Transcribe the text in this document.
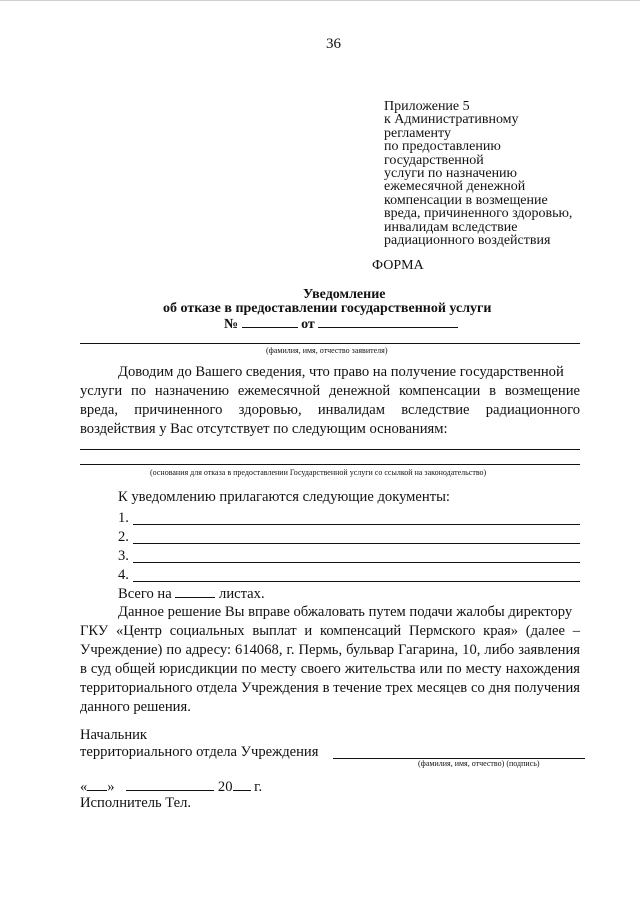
36
Приложение 5
к Административному
регламенту
по предоставлению
государственной
услуги по назначению
ежемесячной денежной
компенсации в возмещение
вреда, причиненного здоровью,
инвалидам вследствие
радиационного воздействия
ФОРМА
Уведомление
об отказе в предоставлении государственной услуги
№	от
(фамилия, имя, отчество заявителя)
Доводим до Вашего сведения, что право на получение государственной
услуги по назначению ежемесячной денежной компенсации в возмещение
вреда, причиненного здоровью, инвалидам вследствие радиационного
воздействия у Вас отсутствует по следующим основаниям:
(основания для отказа в предоставлении Государственной услуги со ссылкой на законодательство)
К уведомлению прилагаются следующие документы:
1.
2.
3.
4.
Всего на	листах.
Данное решение Вы вправе обжаловать путем подачи жалобы директору
ГКУ «Центр социальных выплат и компенсаций Пермского края» (далее –
Учреждение) по адресу: 614068, г. Пермь, бульвар Гагарина, 10, либо заявления
в суд общей юрисдикции по месту своего жительства или по месту нахождения
территориального отдела Учреждения в течение трех месяцев со дня получения
данного решения.
Начальник
территориального отдела Учреждения
(фамилия, имя, отчество) (подпись)
« »	20 г.
Исполнитель Тел.
